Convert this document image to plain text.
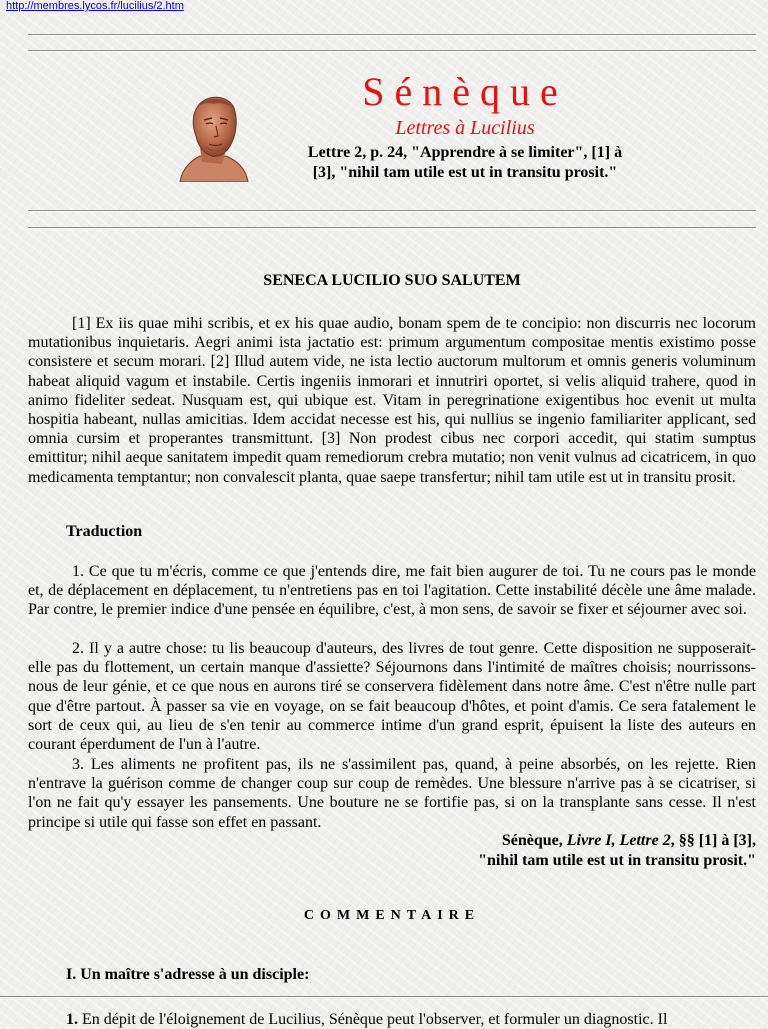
http://membres.lycos.fr/lucilius/2.htm
Sénèque
Lettres à Lucilius
Lettre 2, p. 24, "Apprendre à se limiter", [1] à
[3], "nihil tam utile est ut in transitu prosit."
SENECA LUCILIO SUO SALUTEM

[1] Ex iis quae mihi scribis, et ex his quae audio, bonam spem de te concipio: non discurris nec locorum mutationibus inquietaris. Aegri animi ista jactatio est: primum argumentum compositae mentis existimo posse consistere et secum morari. [2] Illud autem vide, ne ista lectio auctorum multorum et omnis generis voluminum habeat aliquid vagum et instabile. Certis ingeniis inmorari et innutriri oportet, si velis aliquid trahere, quod in animo fideliter sedeat. Nusquam est, qui ubique est. Vitam in peregrinatione exigentibus hoc evenit ut multa hospitia habeant, nullas amicitias. Idem accidat necesse est his, qui nullius se ingenio familiariter applicant, sed omnia cursim et properantes transmittunt. [3] Non prodest cibus nec corpori accedit, qui statim sumptus emittitur; nihil aeque sanitatem impedit quam remediorum crebra mutatio; non venit vulnus ad cicatricem, in quo medicamenta temptantur; non convalescit planta, quae saepe transfertur; nihil tam utile est ut in transitu prosit.

Traduction

1. Ce que tu m'écris, comme ce que j'entends dire, me fait bien augurer de toi. Tu ne cours pas le monde et, de déplacement en déplacement, tu n'entretiens pas en toi l'agitation. Cette instabilité décèle une âme malade. Par contre, le premier indice d'une pensée en équilibre, c'est, à mon sens, de savoir se fixer et séjourner avec soi.

2. Il y a autre chose: tu lis beaucoup d'auteurs, des livres de tout genre. Cette disposition ne supposerait-elle pas du flottement, un certain manque d'assiette? Séjournons dans l'intimité de maîtres choisis; nourrissons-nous de leur génie, et ce que nous en aurons tiré se conservera fidèlement dans notre âme. C'est n'être nulle part que d'être partout. À passer sa vie en voyage, on se fait beaucoup d'hôtes, et point d'amis. Ce sera fatalement le sort de ceux qui, au lieu de s'en tenir au commerce intime d'un grand esprit, épuisent la liste des auteurs en courant éperdument de l'un à l'autre.

3. Les aliments ne profitent pas, ils ne s'assimilent pas, quand, à peine absorbés, on les rejette. Rien n'entrave la guérison comme de changer coup sur coup de remèdes. Une blessure n'arrive pas à se cicatriser, si l'on ne fait qu'y essayer les pansements. Une bouture ne se fortifie pas, si on la transplante sans cesse. Il n'est principe si utile qui fasse son effet en passant.

Sénèque, Livre I, Lettre 2, §§ [1] à [3],
"nihil tam utile est ut in transitu prosit."
COMMENTAIRE
I. Un maître s'adresse à un disciple:

1. En dépit de l'éloignement de Lucilius, Sénèque peut l'observer, et formuler un diagnostic. Il
